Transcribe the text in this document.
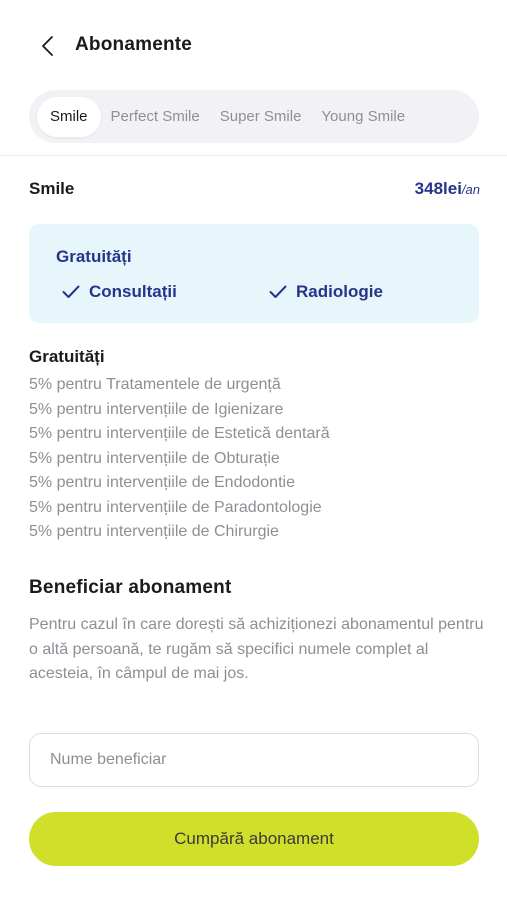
Abonamente
Smile	Perfect Smile	Super Smile	Young Smile
Smile	348lei/an
Gratuități
Consultații	Radiologie
Gratuități
5% pentru Tratamentele de urgență
5% pentru intervențiile de Igienizare
5% pentru intervențiile de Estetică dentară
5% pentru intervențiile de Obturație
5% pentru intervențiile de Endodontie
5% pentru intervențiile de Paradontologie
5% pentru intervențiile de Chirurgie
Beneficiar abonament
Pentru cazul în care dorești să achiziționezi abonamentul pentru o altă persoană, te rugăm să specifici numele complet al acesteia, în câmpul de mai jos.
Nume beneficiar
Cumpără abonament
